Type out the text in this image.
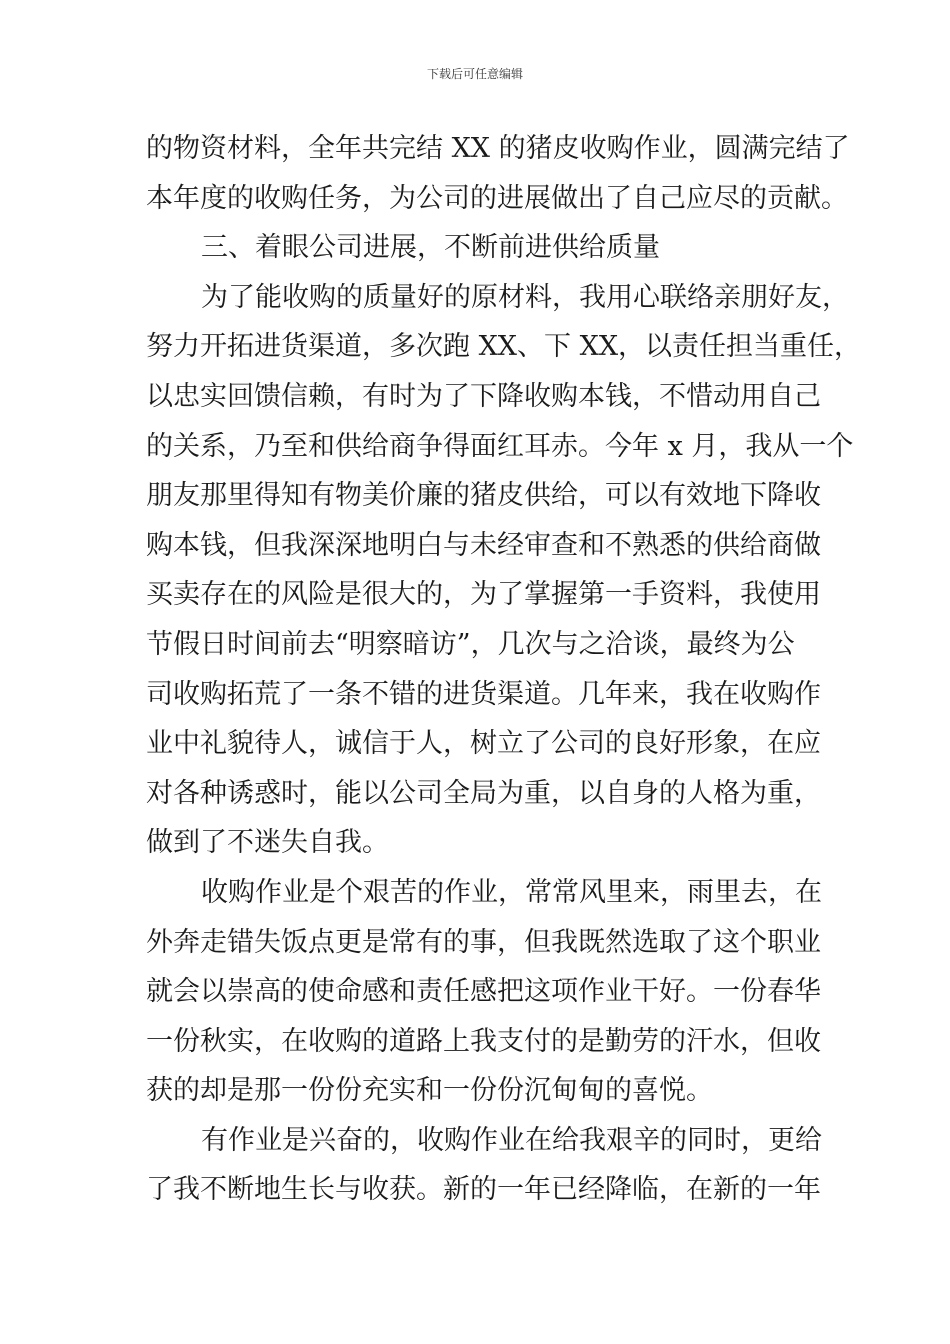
下载后可任意编辑
的物资材料，全年共完结 XX 的猪皮收购作业，圆满完结了
本年度的收购任务，为公司的进展做出了自己应尽的贡献。
三、着眼公司进展，不断前进供给质量
为了能收购的质量好的原材料，我用心联络亲朋好友，
努力开拓进货渠道，多次跑 XX、下 XX，以责任担当重任，
以忠实回馈信赖，有时为了下降收购本钱，不惜动用自己
的关系，乃至和供给商争得面红耳赤。今年 x 月，我从一个
朋友那里得知有物美价廉的猪皮供给，可以有效地下降收
购本钱，但我深深地明白与未经审查和不熟悉的供给商做
买卖存在的风险是很大的，为了掌握第一手资料，我使用
节假日时间前去“明察暗访”，几次与之洽谈，最终为公
司收购拓荒了一条不错的进货渠道。几年来，我在收购作
业中礼貌待人，诚信于人，树立了公司的良好形象，在应
对各种诱惑时，能以公司全局为重，以自身的人格为重，
做到了不迷失自我。
收购作业是个艰苦的作业，常常风里来，雨里去，在
外奔走错失饭点更是常有的事，但我既然选取了这个职业
就会以崇高的使命感和责任感把这项作业干好。一份春华
一份秋实，在收购的道路上我支付的是勤劳的汗水，但收
获的却是那一份份充实和一份份沉甸甸的喜悦。
有作业是兴奋的，收购作业在给我艰辛的同时，更给
了我不断地生长与收获。新的一年已经降临，在新的一年
